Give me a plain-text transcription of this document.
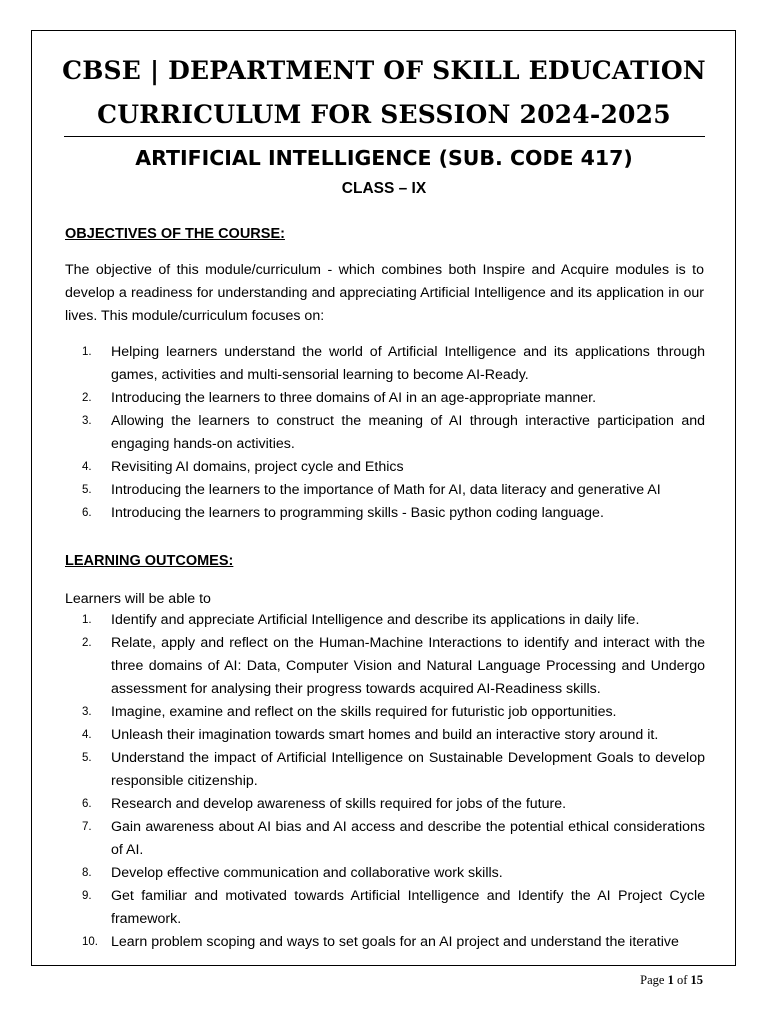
CBSE | DEPARTMENT OF SKILL EDUCATION
CURRICULUM FOR SESSION 2024-2025
ARTIFICIAL INTELLIGENCE (SUB. CODE 417)
CLASS – IX
OBJECTIVES OF THE COURSE:
The objective of this module/curriculum - which combines both Inspire and Acquire modules is to develop a readiness for understanding and appreciating Artificial Intelligence and its application in our lives. This module/curriculum focuses on:
1. Helping learners understand the world of Artificial Intelligence and its applications through games, activities and multi-sensorial learning to become AI-Ready.
2. Introducing the learners to three domains of AI in an age-appropriate manner.
3. Allowing the learners to construct the meaning of AI through interactive participation and engaging hands-on activities.
4. Revisiting AI domains, project cycle and Ethics
5. Introducing the learners to the importance of Math for AI, data literacy and generative AI
6. Introducing the learners to programming skills - Basic python coding language.
LEARNING OUTCOMES:
Learners will be able to
1. Identify and appreciate Artificial Intelligence and describe its applications in daily life.
2. Relate, apply and reflect on the Human-Machine Interactions to identify and interact with the three domains of AI: Data, Computer Vision and Natural Language Processing and Undergo assessment for analysing their progress towards acquired AI-Readiness skills.
3. Imagine, examine and reflect on the skills required for futuristic job opportunities.
4. Unleash their imagination towards smart homes and build an interactive story around it.
5. Understand the impact of Artificial Intelligence on Sustainable Development Goals to develop responsible citizenship.
6. Research and develop awareness of skills required for jobs of the future.
7. Gain awareness about AI bias and AI access and describe the potential ethical considerations of AI.
8. Develop effective communication and collaborative work skills.
9. Get familiar and motivated towards Artificial Intelligence and Identify the AI Project Cycle framework.
10. Learn problem scoping and ways to set goals for an AI project and understand the iterative
Page 1 of 15
